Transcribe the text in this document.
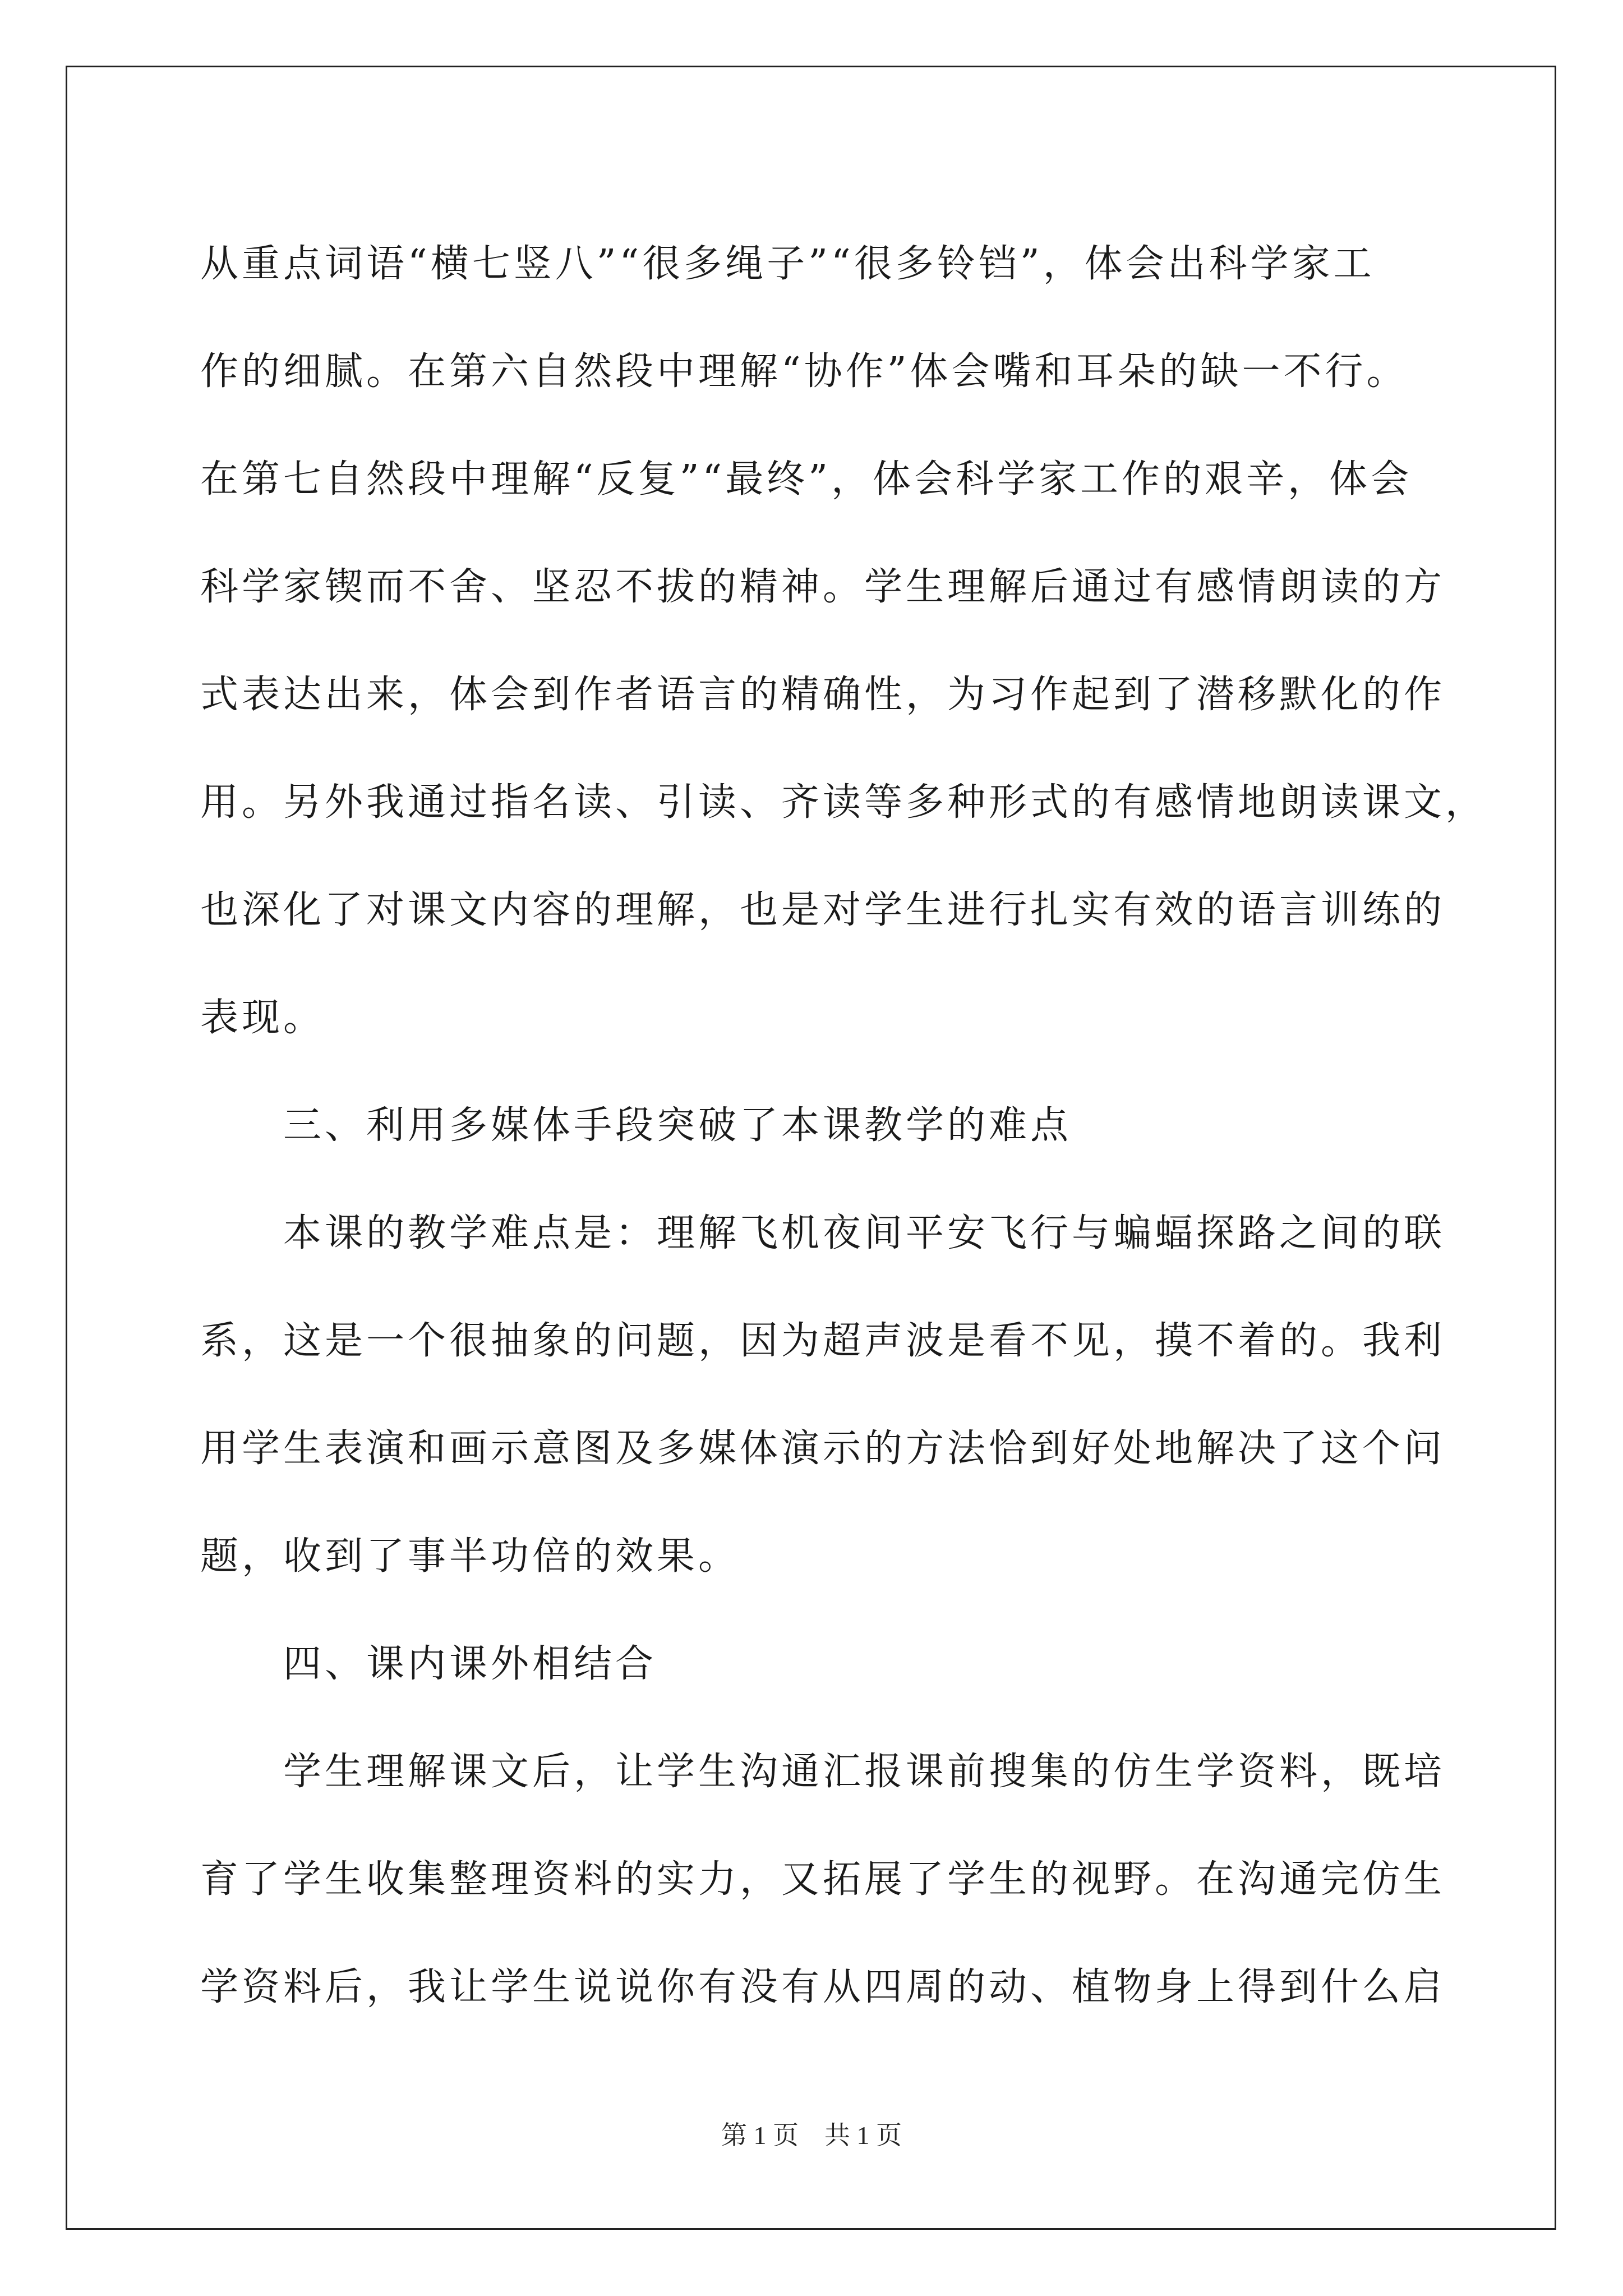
从重点词语“横七竖八”“很多绳子”“很多铃铛”，体会出科学家工
作的细腻。在第六自然段中理解“协作”体会嘴和耳朵的缺一不行。
在第七自然段中理解“反复”“最终”，体会科学家工作的艰辛，体会
科学家锲而不舍、坚忍不拔的精神。学生理解后通过有感情朗读的方
式表达出来，体会到作者语言的精确性，为习作起到了潜移默化的作
用。另外我通过指名读、引读、齐读等多种形式的有感情地朗读课文，
也深化了对课文内容的理解，也是对学生进行扎实有效的语言训练的
表现。
　　三、利用多媒体手段突破了本课教学的难点
　　本课的教学难点是：理解飞机夜间平安飞行与蝙蝠探路之间的联
系，这是一个很抽象的问题，因为超声波是看不见，摸不着的。我利
用学生表演和画示意图及多媒体演示的方法恰到好处地解决了这个问
题，收到了事半功倍的效果。
　　四、课内课外相结合
　　学生理解课文后，让学生沟通汇报课前搜集的仿生学资料，既培
育了学生收集整理资料的实力，又拓展了学生的视野。在沟通完仿生
学资料后，我让学生说说你有没有从四周的动、植物身上得到什么启
第 1 页　共 1 页
